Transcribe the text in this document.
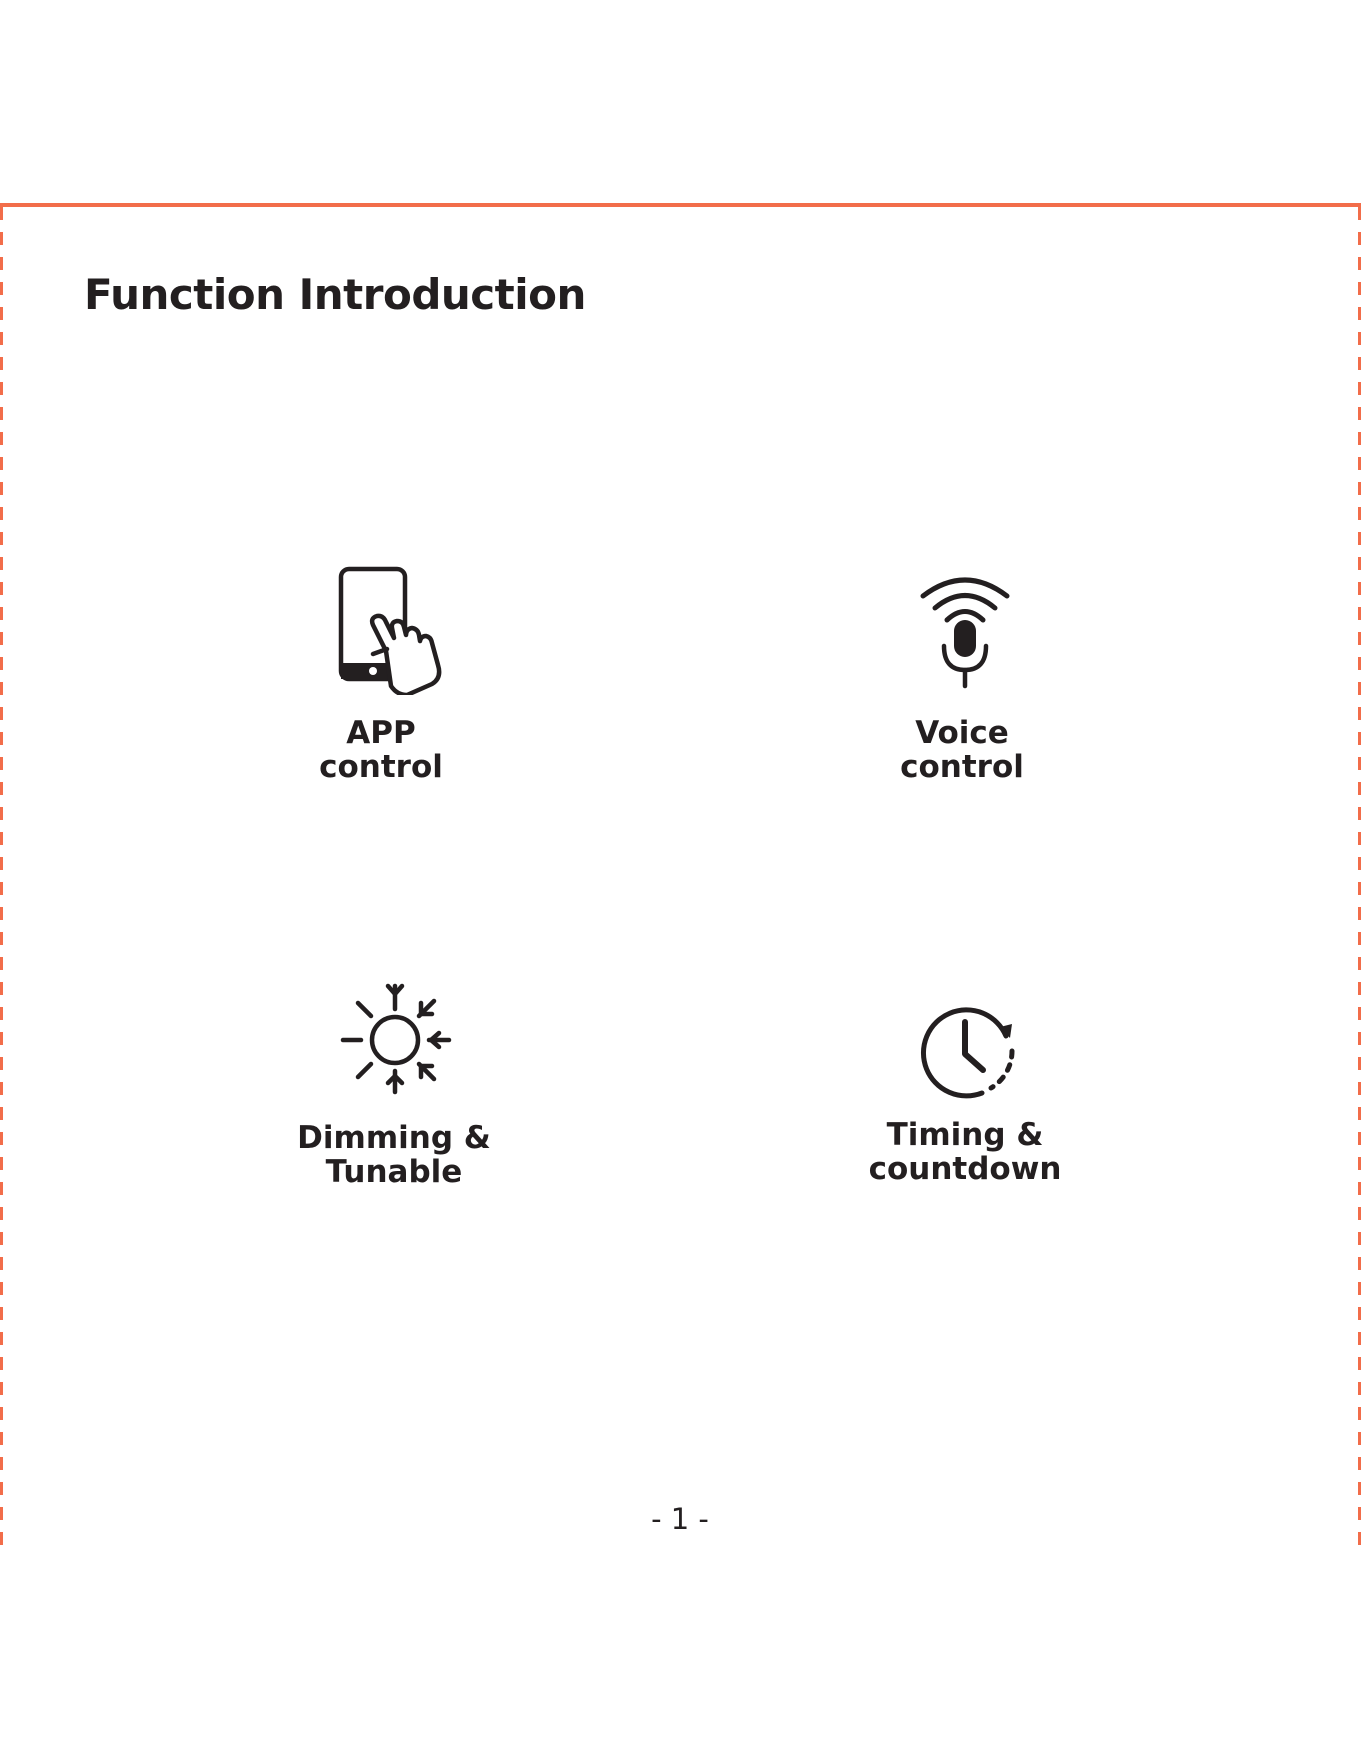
Function Introduction
APP
control
Voice
control
Dimming &
Tunable
Timing &
countdown
- 1 -
